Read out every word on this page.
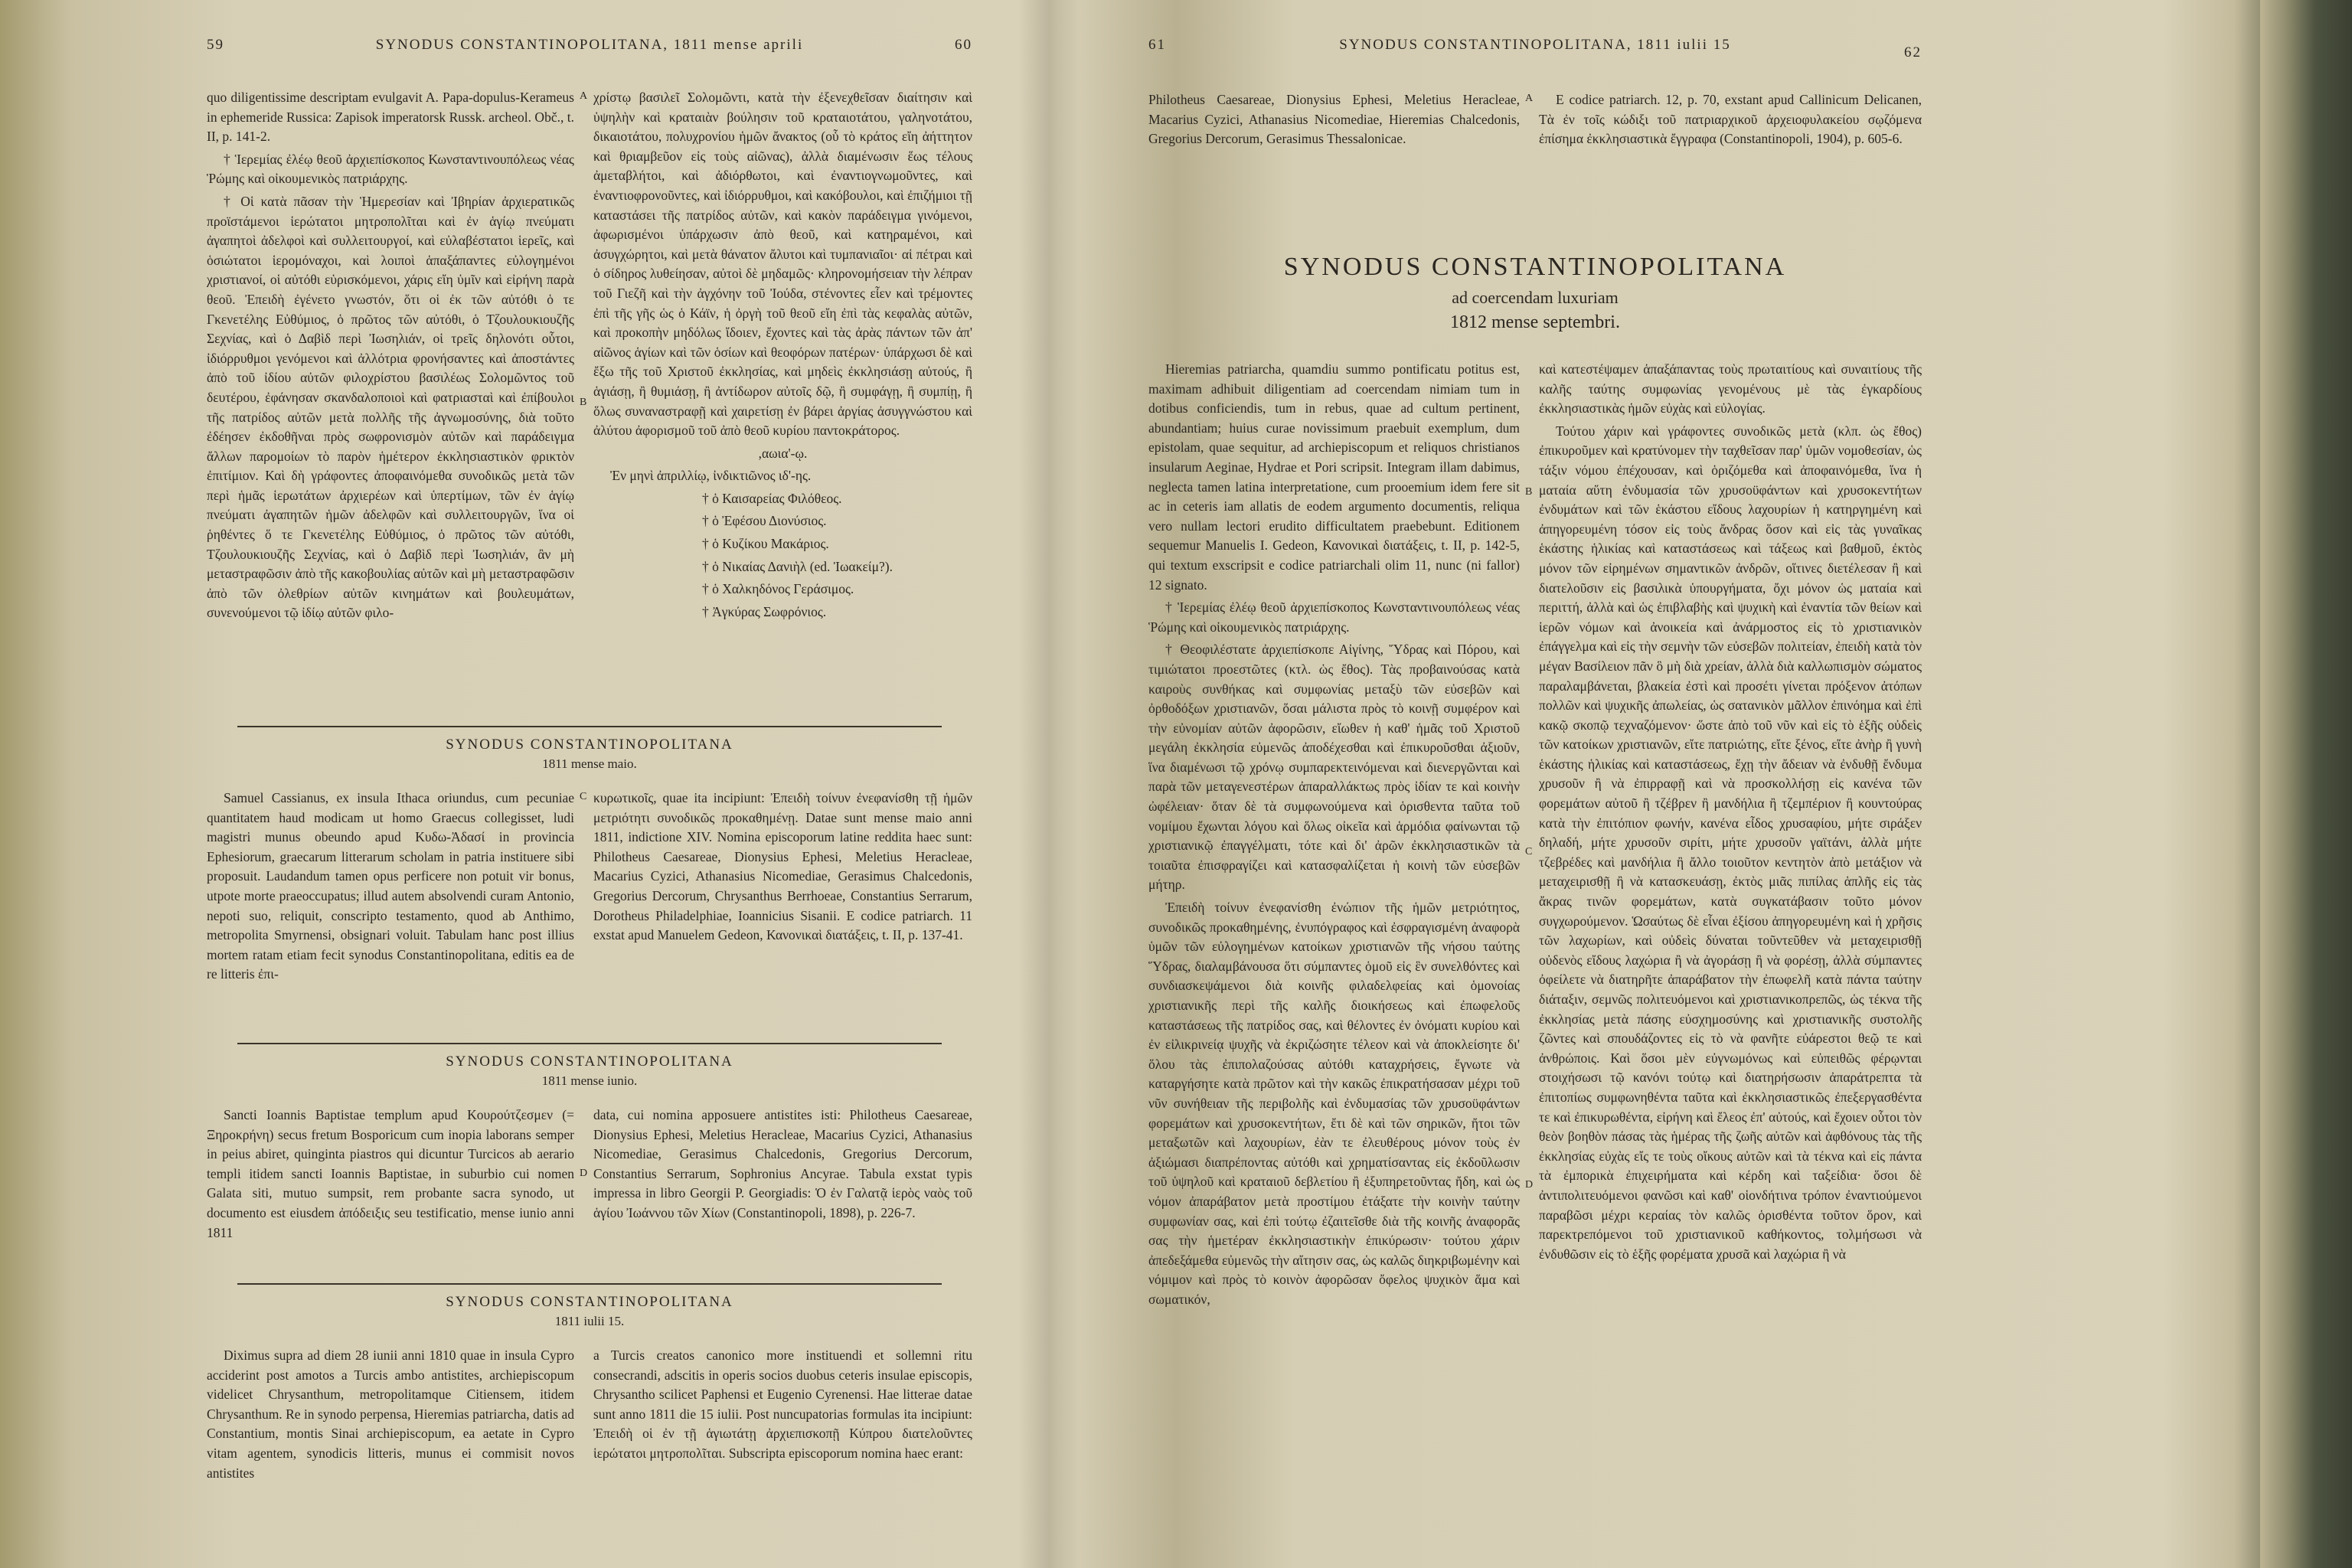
59	SYNODUS CONSTANTINOPOLITANA, 1811 mense aprili	60

quo diligentissime descriptam evulgavit A. Papa-dopulus-Kerameus in ephemeride Russica: Zapisok imperatorsk Russk. archeol. Obč., t. II, p. 141-2.

† Ἱερεμίας ἐλέῳ θεοῦ ἀρχιεπίσκοπος Κωνσταντινουπόλεως νέας Ῥώμης καὶ οἰκουμενικὸς πατριάρχης.

† Οἱ κατὰ πᾶσαν τὴν Ἡμερεσίαν καὶ Ἰβηρίαν ἀρχιερατικῶς προϊστάμενοι ἱερώτατοι μητροπολῖται καὶ ἐν ἁγίῳ πνεύματι ἀγαπητοὶ ἀδελφοὶ καὶ συλλειτουργοί, καὶ εὐλαβέστατοι ἱερεῖς, καὶ ὁσιώτατοι ἱερομόναχοι, καὶ λοιποὶ ἁπαξάπαντες εὐλογημένοι χριστιανοί, οἱ αὐτόθι εὑρισκόμενοι, χάρις εἴη ὑμῖν καὶ εἰρήνη παρὰ θεοῦ. Ἐπειδὴ ἐγένετο γνωστόν, ὅτι οἱ ἐκ τῶν αὐτόθι ὁ τε Γκενετέλης Εὐθύμιος, ὁ πρῶτος τῶν αὐτόθι, ὁ Τζουλουκιουζῆς Σεχνίας, καὶ ὁ Δαβὶδ περὶ Ἰωσηλιάν, οἱ τρεῖς δηλονότι οὗτοι, ἰδιόρρυθμοι γενόμενοι καὶ ἀλλότρια φρονήσαντες καὶ ἀποστάντες ἀπὸ τοῦ ἰδίου αὐτῶν φιλοχρίστου βασιλέως Σολομῶντος τοῦ δευτέρου, ἐφάνησαν σκανδαλοποιοὶ καὶ φατριασταὶ καὶ ἐπίβουλοι τῆς πατρίδος αὐτῶν μετὰ πολλῆς τῆς ἀγνωμοσύνης, διὰ τοῦτο ἐδέησεν ἐκδοθῆναι πρὸς σωφρονισμὸν αὐτῶν καὶ παράδειγμα ἄλλων παρομοίων τὸ παρὸν ἡμέτερον ἐκκλησιαστικὸν φρικτὸν ἐπιτίμιον. Καὶ δὴ γράφοντες ἀποφαινόμεθα συνοδικῶς μετὰ τῶν περὶ ἡμᾶς ἱερωτάτων ἀρχιερέων καὶ ὑπερτίμων, τῶν ἐν ἁγίῳ πνεύματι ἀγαπητῶν ἡμῶν ἀδελφῶν καὶ συλλειτουργῶν, ἵνα οἱ ῥηθέντες ὅ τε Γκενετέλης Εὐθύμιος, ὁ πρῶτος τῶν αὐτόθι, Τζουλουκιουζῆς Σεχνίας, καὶ ὁ Δαβὶδ περὶ Ἰωσηλιάν, ἂν μὴ μεταστραφῶσιν ἀπὸ τῆς κακοβουλίας αὐτῶν καὶ μὴ μεταστραφῶσιν ἀπὸ τῶν ὀλεθρίων αὐτῶν κινημάτων καὶ βουλευμάτων, συνενούμενοι τῷ ἰδίῳ αὐτῶν φιλο-

A
B

χρίστῳ βασιλεῖ Σολομῶντι, κατὰ τὴν ἐξενεχθεῖσαν διαίτησιν καὶ ὑψηλὴν καὶ κραταιὰν βούλησιν τοῦ κραταιοτάτου, γαληνοτάτου, δικαιοτάτου, πολυχρονίου ἡμῶν ἄνακτος (οὗ τὸ κράτος εἴη ἀήττητον καὶ θριαμβεῦον εἰς τοὺς αἰῶνας), ἀλλὰ διαμένωσιν ἕως τέλους ἀμεταβλήτοι, καὶ ἀδιόρθωτοι, καὶ ἐναντιογνωμοῦντες, καὶ ἐναντιοφρονοῦντες, καὶ ἰδιόρρυθμοι, καὶ κακόβουλοι, καὶ ἐπιζήμιοι τῇ καταστάσει τῆς πατρίδος αὐτῶν, καὶ κακὸν παράδειγμα γινόμενοι, ἀφωρισμένοι ὑπάρχωσιν ἀπὸ θεοῦ, καὶ κατηραμένοι, καὶ ἀσυγχώρητοι, καὶ μετὰ θάνατον ἄλυτοι καὶ τυμπανιαῖοι· αἱ πέτραι καὶ ὁ σίδηρος λυθείησαν, αὐτοὶ δὲ μηδαμῶς· κληρονομήσειαν τὴν λέπραν τοῦ Γιεζῆ καὶ τὴν ἀγχόνην τοῦ Ἰούδα, στένοντες εἶεν καὶ τρέμοντες ἐπὶ τῆς γῆς ὡς ὁ Κάϊν, ἡ ὀργὴ τοῦ θεοῦ εἴη ἐπὶ τὰς κεφαλὰς αὐτῶν, καὶ προκοπὴν μηδόλως ἴδοιεν, ἔχοντες καὶ τὰς ἀρὰς πάντων τῶν ἀπ' αἰῶνος ἁγίων καὶ τῶν ὁσίων καὶ θεοφόρων πατέρων· ὑπάρχωσι δὲ καὶ ἔξω τῆς τοῦ Χριστοῦ ἐκκλησίας, καὶ μηδεὶς ἐκκλησιάσῃ αὐτούς, ἢ ἁγιάσῃ, ἢ θυμιάσῃ, ἢ ἀντίδωρον αὐτοῖς δῷ, ἢ συμφάγῃ, ἢ συμπίῃ, ἢ ὅλως συναναστραφῇ καὶ χαιρετίσῃ ἐν βάρει ἀργίας ἀσυγγνώστου καὶ ἀλύτου ἀφορισμοῦ τοῦ ἀπὸ θεοῦ κυρίου παντοκράτορος.

,αωια'-ῳ.

Ἐν μηνὶ ἀπριλλίῳ, ἰνδικτιῶνος ιδ'-ης.

† ὁ Καισαρείας Φιλόθεος.

† ὁ Ἐφέσου Διονύσιος.

† ὁ Κυζίκου Μακάριος.

† ὁ Νικαίας Δανιὴλ (ed. Ἰωακείμ?).

† ὁ Χαλκηδόνος Γεράσιμος.

† Ἀγκύρας Σωφρόνιος.

SYNODUS CONSTANTINOPOLITANA
1811 mense maio.

Samuel Cassianus, ex insula Ithaca oriundus, cum pecuniae quantitatem haud modicam ut homo Graecus collegisset, ludi magistri munus obeundo apud Κυδω-Ἀδασί in provincia Ephesiorum, graecarum litterarum scholam in patria instituere sibi proposuit. Laudandum tamen opus perficere non potuit vir bonus, utpote morte praeoccupatus; illud autem absolvendi curam Antonio, nepoti suo, reliquit, conscripto testamento, quod ab Anthimo, metropolita Smyrnensi, obsignari voluit. Tabulam hanc post illius mortem ratam etiam fecit synodus Constantinopolitana, editis ea de re litteris ἐπι-

C κυρωτικοῖς, quae ita incipiunt: Ἐπειδὴ τοίνυν ἐνεφανίσθη τῇ ἡμῶν μετριότητι συνοδικῶς προκαθημένῃ. Datae sunt mense maio anni 1811, indictione XIV. Nomina episcoporum latine reddita haec sunt: Philotheus Caesareae, Dionysius Ephesi, Meletius Heracleae, Macarius Cyzici, Athanasius Nicomediae, Gerasimus Chalcedonis, Gregorius Dercorum, Chrysanthus Berrhoeae, Constantius Serrarum, Dorotheus Philadelphiae, Ioannicius Sisanii. E codice patriarch. 11 exstat apud Manuelem Gedeon, Κανονικαὶ διατάξεις, t. II, p. 137-41.

SYNODUS CONSTANTINOPOLITANA
1811 mense iunio.

Sancti Ioannis Baptistae templum apud Κουρούτζεσμεν (= Ξηροκρήνη) secus fretum Bosporicum cum inopia laborans semper in peius abiret, quinginta piastros qui dicuntur Turcicos ab aerario templi itidem sancti Ioannis Baptistae, in suburbio cui nomen Galata siti, mutuo sumpsit, rem probante sacra synodo, ut documento est eiusdem ἀπόδειξις seu testificatio, mense iunio anni 1811

D

data, cui nomina apposuere antistites isti: Philotheus Caesareae, Dionysius Ephesi, Meletius Heracleae, Macarius Cyzici, Athanasius Nicomediae, Gerasimus Chalcedonis, Gregorius Dercorum, Constantius Serrarum, Sophronius Ancyrae. Tabula exstat typis impressa in libro Georgii P. Georgiadis: Ὁ ἐν Γαλατᾷ ἱερὸς ναὸς τοῦ ἁγίου Ἰωάννου τῶν Χίων (Constantinopoli, 1898), p. 226-7.

SYNODUS CONSTANTINOPOLITANA
1811 iulii 15.

Diximus supra ad diem 28 iunii anni 1810 quae in insula Cypro acciderint post amotos a Turcis ambo antistites, archiepiscopum videlicet Chrysanthum, metropolitamque Citiensem, itidem Chrysanthum. Re in synodo perpensa, Hieremias patriarcha, datis ad Constantium, montis Sinai archiepiscopum, ea aetate in Cypro vitam agentem, synodicis litteris, munus ei commisit novos antistites

a Turcis creatos canonico more instituendi et sollemni ritu consecrandi, adscitis in operis socios duobus ceteris insulae episcopis, Chrysantho scilicet Paphensi et Eugenio Cyrenensi. Hae litterae datae sunt anno 1811 die 15 iulii. Post nuncupatorias formulas ita incipiunt: Ἐπειδὴ οἱ ἐν τῇ ἁγιωτάτῃ ἀρχιεπισκοπῇ Κύπρου διατελοῦντες ἱερώτατοι μητροπολῖται. Subscripta episcoporum nomina haec erant:

61	SYNODUS CONSTANTINOPOLITANA, 1811 iulii 15	62

Philotheus Caesareae, Dionysius Ephesi, Meletius Heracleae, Macarius Cyzici, Athanasius Nicomediae, Hieremias Chalcedonis, Gregorius Dercorum, Gerasimus Thessalonicae.

A	E codice patriarch. 12, p. 70, exstant apud Callinicum Delicanen, Τὰ ἐν τοῖς κώδιξι τοῦ πατριαρχικοῦ ἀρχειοφυλακείου σῳζόμενα ἐπίσημα ἐκκλησιαστικὰ ἔγγραφα (Constantinopoli, 1904), p. 605-6.

SYNODUS CONSTANTINOPOLITANA
ad coercendam luxuriam
1812 mense septembri.

Hieremias patriarcha, quamdiu summo pontificatu potitus est, maximam adhibuit diligentiam ad coercendam nimiam tum in dotibus conficiendis, tum in rebus, quae ad cultum pertinent, abundantiam; huius curae novissimum praebuit exemplum, dum epistolam, quae sequitur, ad archiepiscopum et reliquos christianos insularum Aeginae, Hydrae et Pori scripsit. Integram illam dabimus, neglecta tamen latina interpretatione, cum prooemium idem fere sit ac in ceteris iam allatis de eodem argumento documentis, reliqua vero nullam lectori erudito difficultatem praebebunt. Editionem sequemur Manuelis I. Gedeon, Κανονικαὶ διατάξεις, t. II, p. 142-5, qui textum exscripsit e codice patriarchali olim 11, nunc (ni fallor) 12 signato.

† Ἱερεμίας ἐλέῳ θεοῦ ἀρχιεπίσκοπος Κωνσταντινουπόλεως νέας Ῥώμης καὶ οἰκουμενικὸς πατριάρχης.

† Θεοφιλέστατε ἀρχιεπίσκοπε Αἰγίνης, Ὕδρας καὶ Πόρου, καὶ τιμιώτατοι προεστῶτες (κτλ. ὡς ἔθος). Τὰς προβαινούσας κατὰ καιροὺς συνθήκας καὶ συμφωνίας μεταξὺ τῶν εὐσεβῶν καὶ ὀρθοδόξων χριστιανῶν, ὅσαι μάλιστα πρὸς τὸ κοινῇ συμφέρον καὶ τὴν εὐνομίαν αὐτῶν ἀφορῶσιν, εἴωθεν ἡ καθ' ἡμᾶς τοῦ Χριστοῦ μεγάλη ἐκκλησία εὐμενῶς ἀποδέχεσθαι καὶ ἐπικυροῦσθαι ἀξιοῦν, ἵνα διαμένωσι τῷ χρόνῳ συμπαρεκτεινόμεναι καὶ διενεργῶνται καὶ παρὰ τῶν μεταγενεστέρων ἀπαραλλάκτως πρὸς ἰδίαν τε καὶ κοινὴν ὠφέλειαν· ὅταν δὲ τὰ συμφωνούμενα καὶ ὁρισθεντα ταῦτα τοῦ νομίμου ἔχωνται λόγου καὶ ὅλως οἰκεῖα καὶ ἁρμόδια φαίνωνται τῷ χριστιανικῷ ἐπαγγέλματι, τότε καὶ δι' ἀρῶν ἐκκλησιαστικῶν τὰ τοιαῦτα ἐπισφραγίζει καὶ κατασφαλίζεται ἡ κοινὴ τῶν εὐσεβῶν μήτηρ.

Ἐπειδὴ τοίνυν ἐνεφανίσθη ἐνώπιον τῆς ἡμῶν μετριότητος, συνοδικῶς προκαθημένης, ἐνυπόγραφος καὶ ἐσφραγισμένη ἀναφορὰ ὑμῶν τῶν εὐλογημένων κατοίκων χριστιανῶν τῆς νήσου ταύτης Ὕδρας, διαλαμβάνουσα ὅτι σύμπαντες ὁμοῦ εἰς ἓν συνελθόντες καὶ συνδιασκεψάμενοι διὰ κοινῆς φιλαδελφείας καὶ ὁμονοίας χριστιανικῆς περὶ τῆς καλῆς διοικήσεως καὶ ἐπωφελοῦς καταστάσεως τῆς πατρίδος σας, καὶ θέλοντες ἐν ὀνόματι κυρίου καὶ ἐν εἰλικρινείᾳ ψυχῆς νὰ ἐκριζώσητε τέλεον καὶ νὰ ἀποκλείσητε δι' ὅλου τὰς ἐπιπολαζούσας αὐτόθι καταχρήσεις, ἔγνωτε νὰ καταργήσητε κατὰ πρῶτον καὶ τὴν κακῶς ἐπικρατήσασαν μέχρι τοῦ νῦν συνήθειαν τῆς περιβολῆς καὶ ἐνδυμασίας τῶν χρυσοϋφάντων φορεμάτων καὶ χρυσοκεντήτων, ἔτι δὲ καὶ τῶν σηρικῶν, ἤτοι τῶν μεταξωτῶν καὶ λαχουρίων, ἐὰν τε ἐλευθέρους μόνον τοὺς ἐν ἀξιώμασι διαπρέποντας αὐτόθι καὶ χρηματίσαντας εἰς ἐκδοῦλωσιν τοῦ ὑψηλοῦ καὶ κραταιοῦ δεβλετίου ἢ ἐξυπηρετοῦντας ἤδη, καὶ ὡς νόμον ἀπαράβατον μετὰ προστίμου ἐτάξατε τὴν κοινὴν ταύτην συμφωνίαν σας, καὶ ἐπὶ τούτῳ ἐζαιτεῖσθε διὰ τῆς κοινῆς ἀναφορᾶς σας τὴν ἡμετέραν ἐκκλησιαστικὴν ἐπικύρωσιν· τούτου χάριν ἀπεδεξάμεθα εὐμενῶς τὴν αἴτησιν σας, ὡς καλῶς διηκριβωμένην καὶ νόμιμον καὶ πρὸς τὸ κοινὸν ἀφορῶσαν ὄφελος ψυχικὸν ἅμα καὶ σωματικόν,

B
C
D

καὶ κατεστέψαμεν ἁπαξάπαντας τοὺς πρωταιτίους καὶ συναιτίους τῆς καλῆς ταύτης συμφωνίας γενομένους μὲ τὰς ἐγκαρδίους ἐκκλησιαστικὰς ἡμῶν εὐχὰς καὶ εὐλογίας.

Τούτου χάριν καὶ γράφοντες συνοδικῶς μετὰ (κλπ. ὡς ἔθος) ἐπικυροῦμεν καὶ κρατύνομεν τὴν ταχθεῖσαν παρ' ὑμῶν νομοθεσίαν, ὡς τάξιν νόμου ἐπέχουσαν, καὶ ὁριζόμεθα καὶ ἀποφαινόμεθα, ἵνα ἡ ματαία αὕτη ἐνδυμασία τῶν χρυσοϋφάντων καὶ χρυσοκεντήτων ἐνδυμάτων καὶ τῶν ἑκάστου εἴδους λαχουρίων ἡ κατηργημένη καὶ ἀπηγορευμένη τόσον εἰς τοὺς ἄνδρας ὅσον καὶ εἰς τὰς γυναῖκας ἑκάστης ἡλικίας καὶ καταστάσεως καὶ τάξεως καὶ βαθμοῦ, ἐκτὸς μόνον τῶν εἰρημένων σημαντικῶν ἀνδρῶν, οἵτινες διετέλεσαν ἢ καὶ διατελοῦσιν εἰς βασιλικὰ ὑπουργήματα, ὄχι μόνον ὡς ματαία καὶ περιττή, ἀλλὰ καὶ ὡς ἐπιβλαβὴς καὶ ψυχικὴ καὶ ἐναντία τῶν θείων καὶ ἱερῶν νόμων καὶ ἀνοικεία καὶ ἀνάρμοστος εἰς τὸ χριστιανικὸν ἐπάγγελμα καὶ εἰς τὴν σεμνὴν τῶν εὐσεβῶν πολιτείαν, ἐπειδὴ κατὰ τὸν μέγαν Βασίλειον πᾶν ὃ μὴ διὰ χρείαν, ἀλλὰ διὰ καλλωπισμὸν σώματος παραλαμβάνεται, βλακεία ἐστὶ καὶ προσέτι γίνεται πρόξενον ἀτόπων πολλῶν καὶ ψυχικῆς ἀπωλείας, ὡς σατανικὸν μᾶλλον ἐπινόημα καὶ ἐπὶ κακῷ σκοπῷ τεχναζόμενον· ὥστε ἀπὸ τοῦ νῦν καὶ εἰς τὸ ἑξῆς οὐδεὶς τῶν κατοίκων χριστιανῶν, εἴτε πατριώτης, εἴτε ξένος, εἴτε ἀνὴρ ἢ γυνὴ ἑκάστης ἡλικίας καὶ καταστάσεως, ἔχῃ τὴν ἄδειαν νὰ ἐνδυθῇ ἔνδυμα χρυσοῦν ἢ νὰ ἐπιρραφῇ καὶ νὰ προσκολλήσῃ εἰς κανένα τῶν φορεμάτων αὐτοῦ ἢ τζέβρεν ἢ μανδήλια ἢ τζεμπέριον ἢ κουντούρας κατὰ τὴν ἐπιτόπιον φωνήν, κανένα εἶδος χρυσαφίου, μήτε σιράξεν δηλαδή, μήτε χρυσοῦν σιρίτι, μήτε χρυσοῦν γαϊτάνι, ἀλλὰ μήτε τζεβρέδες καὶ μανδήλια ἢ ἄλλο τοιοῦτον κεντητὸν ἀπὸ μετάξιον νὰ μεταχειρισθῇ ἢ νὰ κατασκευάσῃ, ἐκτὸς μιᾶς πιπίλας ἁπλῆς εἰς τὰς ἄκρας τινῶν φορεμάτων, κατὰ συγκατάβασιν τοῦτο μόνον συγχωρούμενον. Ὡσαύτως δὲ εἶναι ἐξίσου ἀπηγορευμένη καὶ ἡ χρῆσις τῶν λαχωρίων, καὶ οὐδεὶς δύναται τοῦντεῦθεν νὰ μεταχειρισθῇ οὐδενὸς εἴδους λαχώρια ἢ νὰ ἀγοράσῃ ἢ νὰ φορέσῃ, ἀλλὰ σύμπαντες ὀφείλετε νὰ διατηρῆτε ἀπαράβατον τὴν ἐπωφελῆ κατὰ πάντα ταύτην διάταξιν, σεμνῶς πολιτευόμενοι καὶ χριστιανικοπρεπῶς, ὡς τέκνα τῆς ἐκκλησίας μετὰ πάσης εὐσχημοσύνης καὶ χριστιανικῆς συστολῆς ζῶντες καὶ σπουδάζοντες εἰς τὸ νὰ φανῆτε εὐάρεστοι θεῷ τε καὶ ἀνθρώποις. Καὶ ὅσοι μὲν εὐγνωμόνως καὶ εὐπειθῶς φέρῳνται στοιχήσωσι τῷ κανόνι τούτῳ καὶ διατηρήσωσιν ἀπαράτρεπτα τὰ ἐπιτοπίως συμφωνηθέντα ταῦτα καὶ ἐκκλησιαστικῶς ἐπεξεργασθέντα τε καὶ ἐπικυρωθέντα, εἰρήνη καὶ ἔλεος ἐπ' αὐτούς, καὶ ἔχοιεν οὗτοι τὸν θεὸν βοηθὸν πάσας τὰς ἡμέρας τῆς ζωῆς αὐτῶν καὶ ἀφθόνους τὰς τῆς ἐκκλησίας εὐχὰς εἴς τε τοὺς οἴκους αὐτῶν καὶ τὰ τέκνα καὶ εἰς πάντα τὰ ἐμπορικὰ ἐπιχειρήματα καὶ κέρδη καὶ ταξείδια· ὅσοι δὲ ἀντιπολιτευόμενοι φανῶσι καὶ καθ' οἱονδήτινα τρόπον ἐναντιούμενοι παραβῶσι μέχρι κεραίας τὸν καλῶς ὁρισθέντα τοῦτον ὅρον, καὶ παρεκτρεπόμενοι τοῦ χριστιανικοῦ καθήκοντος, τολμήσωσι νὰ ἐνδυθῶσιν εἰς τὸ ἑξῆς φορέματα χρυσᾶ καὶ λαχώρια ἢ νὰ
